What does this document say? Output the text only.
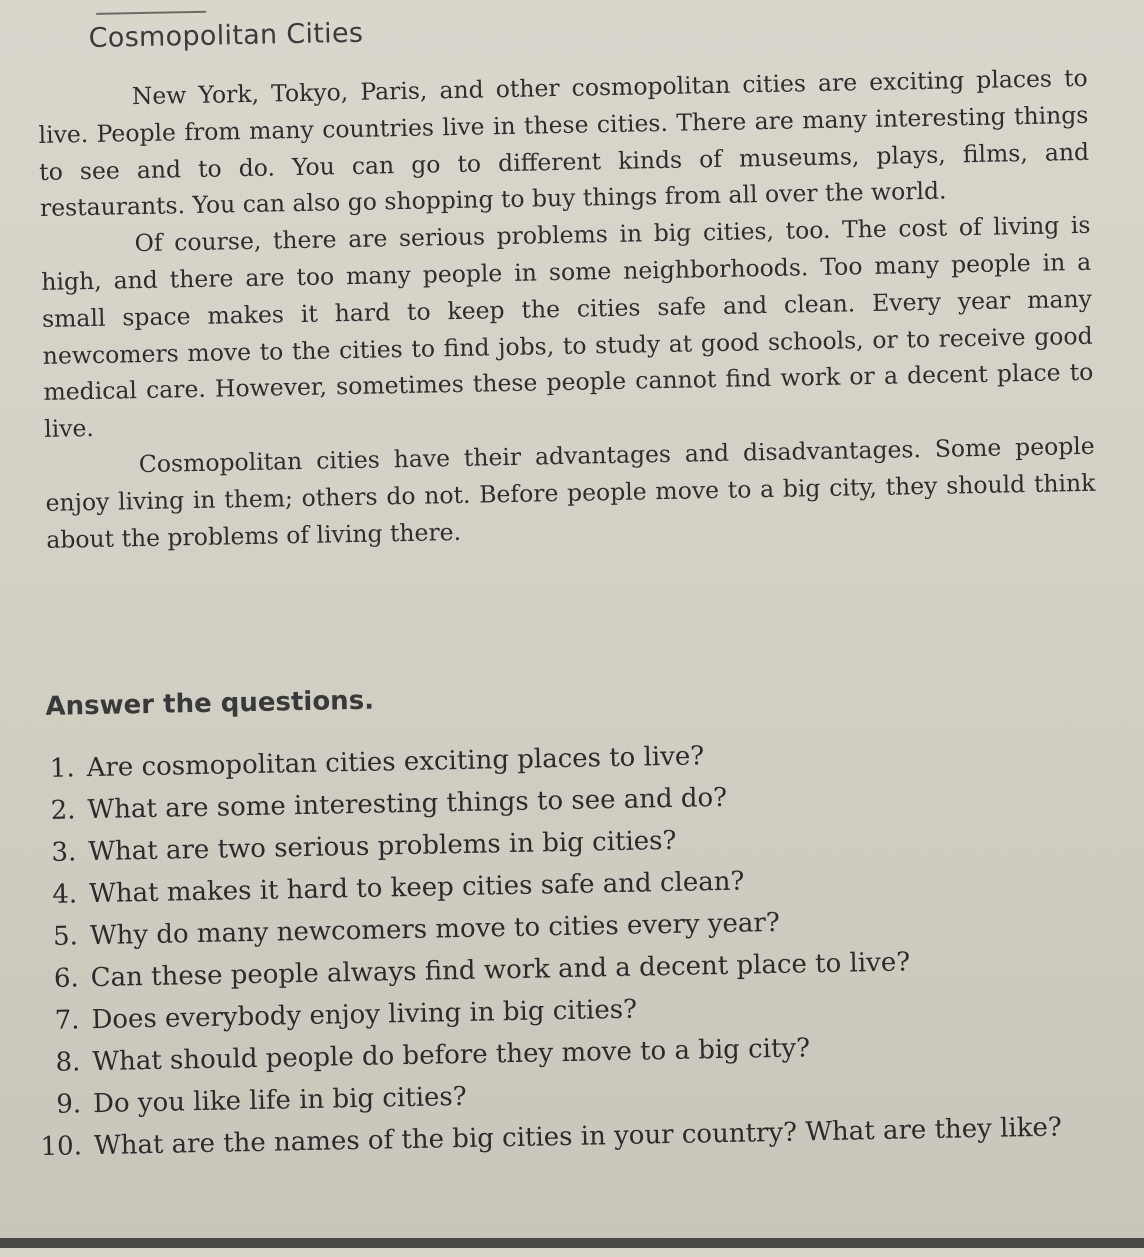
Cosmopolitan Cities

New York, Tokyo, Paris, and other cosmopolitan cities are exciting places to live. People from many countries live in these cities. There are many interesting things to see and to do. You can go to different kinds of museums, plays, films, and restaurants. You can also go shopping to buy things from all over the world.

Of course, there are serious problems in big cities, too. The cost of living is high, and there are too many people in some neighborhoods. Too many people in a small space makes it hard to keep the cities safe and clean. Every year many newcomers move to the cities to find jobs, to study at good schools, or to receive good medical care. However, sometimes these people cannot find work or a decent place to live.

Cosmopolitan cities have their advantages and disadvantages. Some people enjoy living in them; others do not. Before people move to a big city, they should think about the problems of living there.

Answer the questions.
1. Are cosmopolitan cities exciting places to live?
2. What are some interesting things to see and do?
3. What are two serious problems in big cities?
4. What makes it hard to keep cities safe and clean?
5. Why do many newcomers move to cities every year?
6. Can these people always find work and a decent place to live?
7. Does everybody enjoy living in big cities?
8. What should people do before they move to a big city?
9. Do you like life in big cities?
10. What are the names of the big cities in your country? What are they like?
